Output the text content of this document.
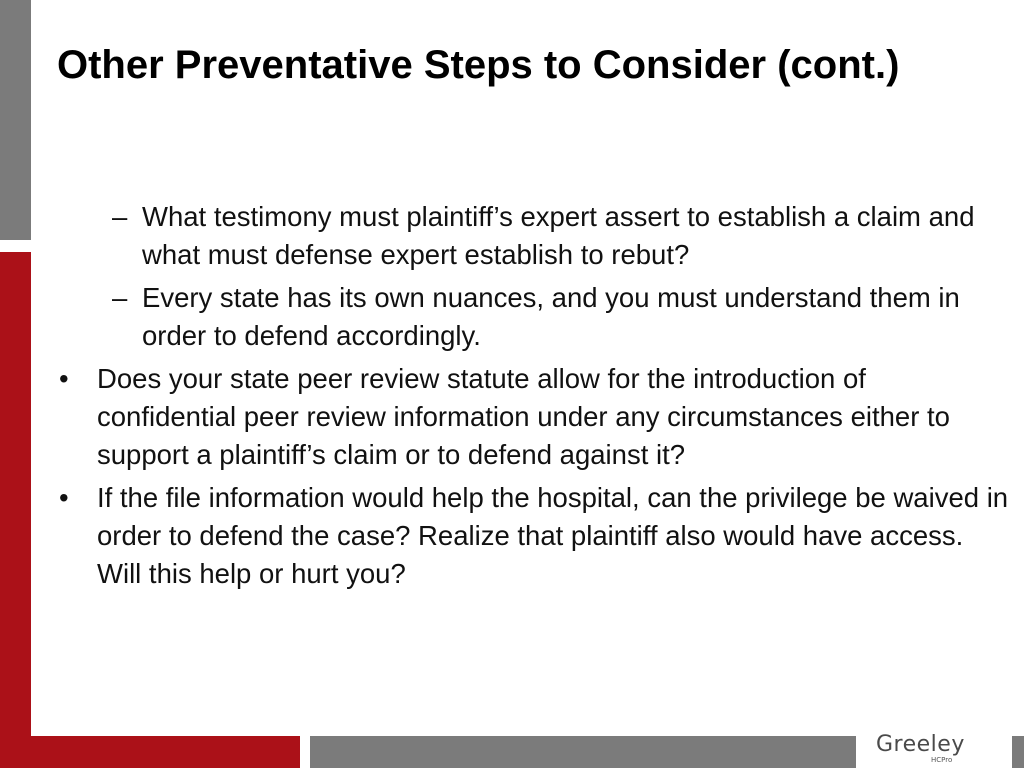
Greeley
HCPro
Other Preventative Steps to Consider (cont.)
– What testimony must plaintiff’s expert assert to establish a claim and what must defense expert establish to rebut?
– Every state has its own nuances, and you must understand them in order to defend accordingly.
• Does your state peer review statute allow for the introduction of confidential peer review information under any circumstances either to support a plaintiff’s claim or to defend against it?
• If the file information would help the hospital, can the privilege be waived in order to defend the case? Realize that plaintiff also would have access. Will this help or hurt you?
